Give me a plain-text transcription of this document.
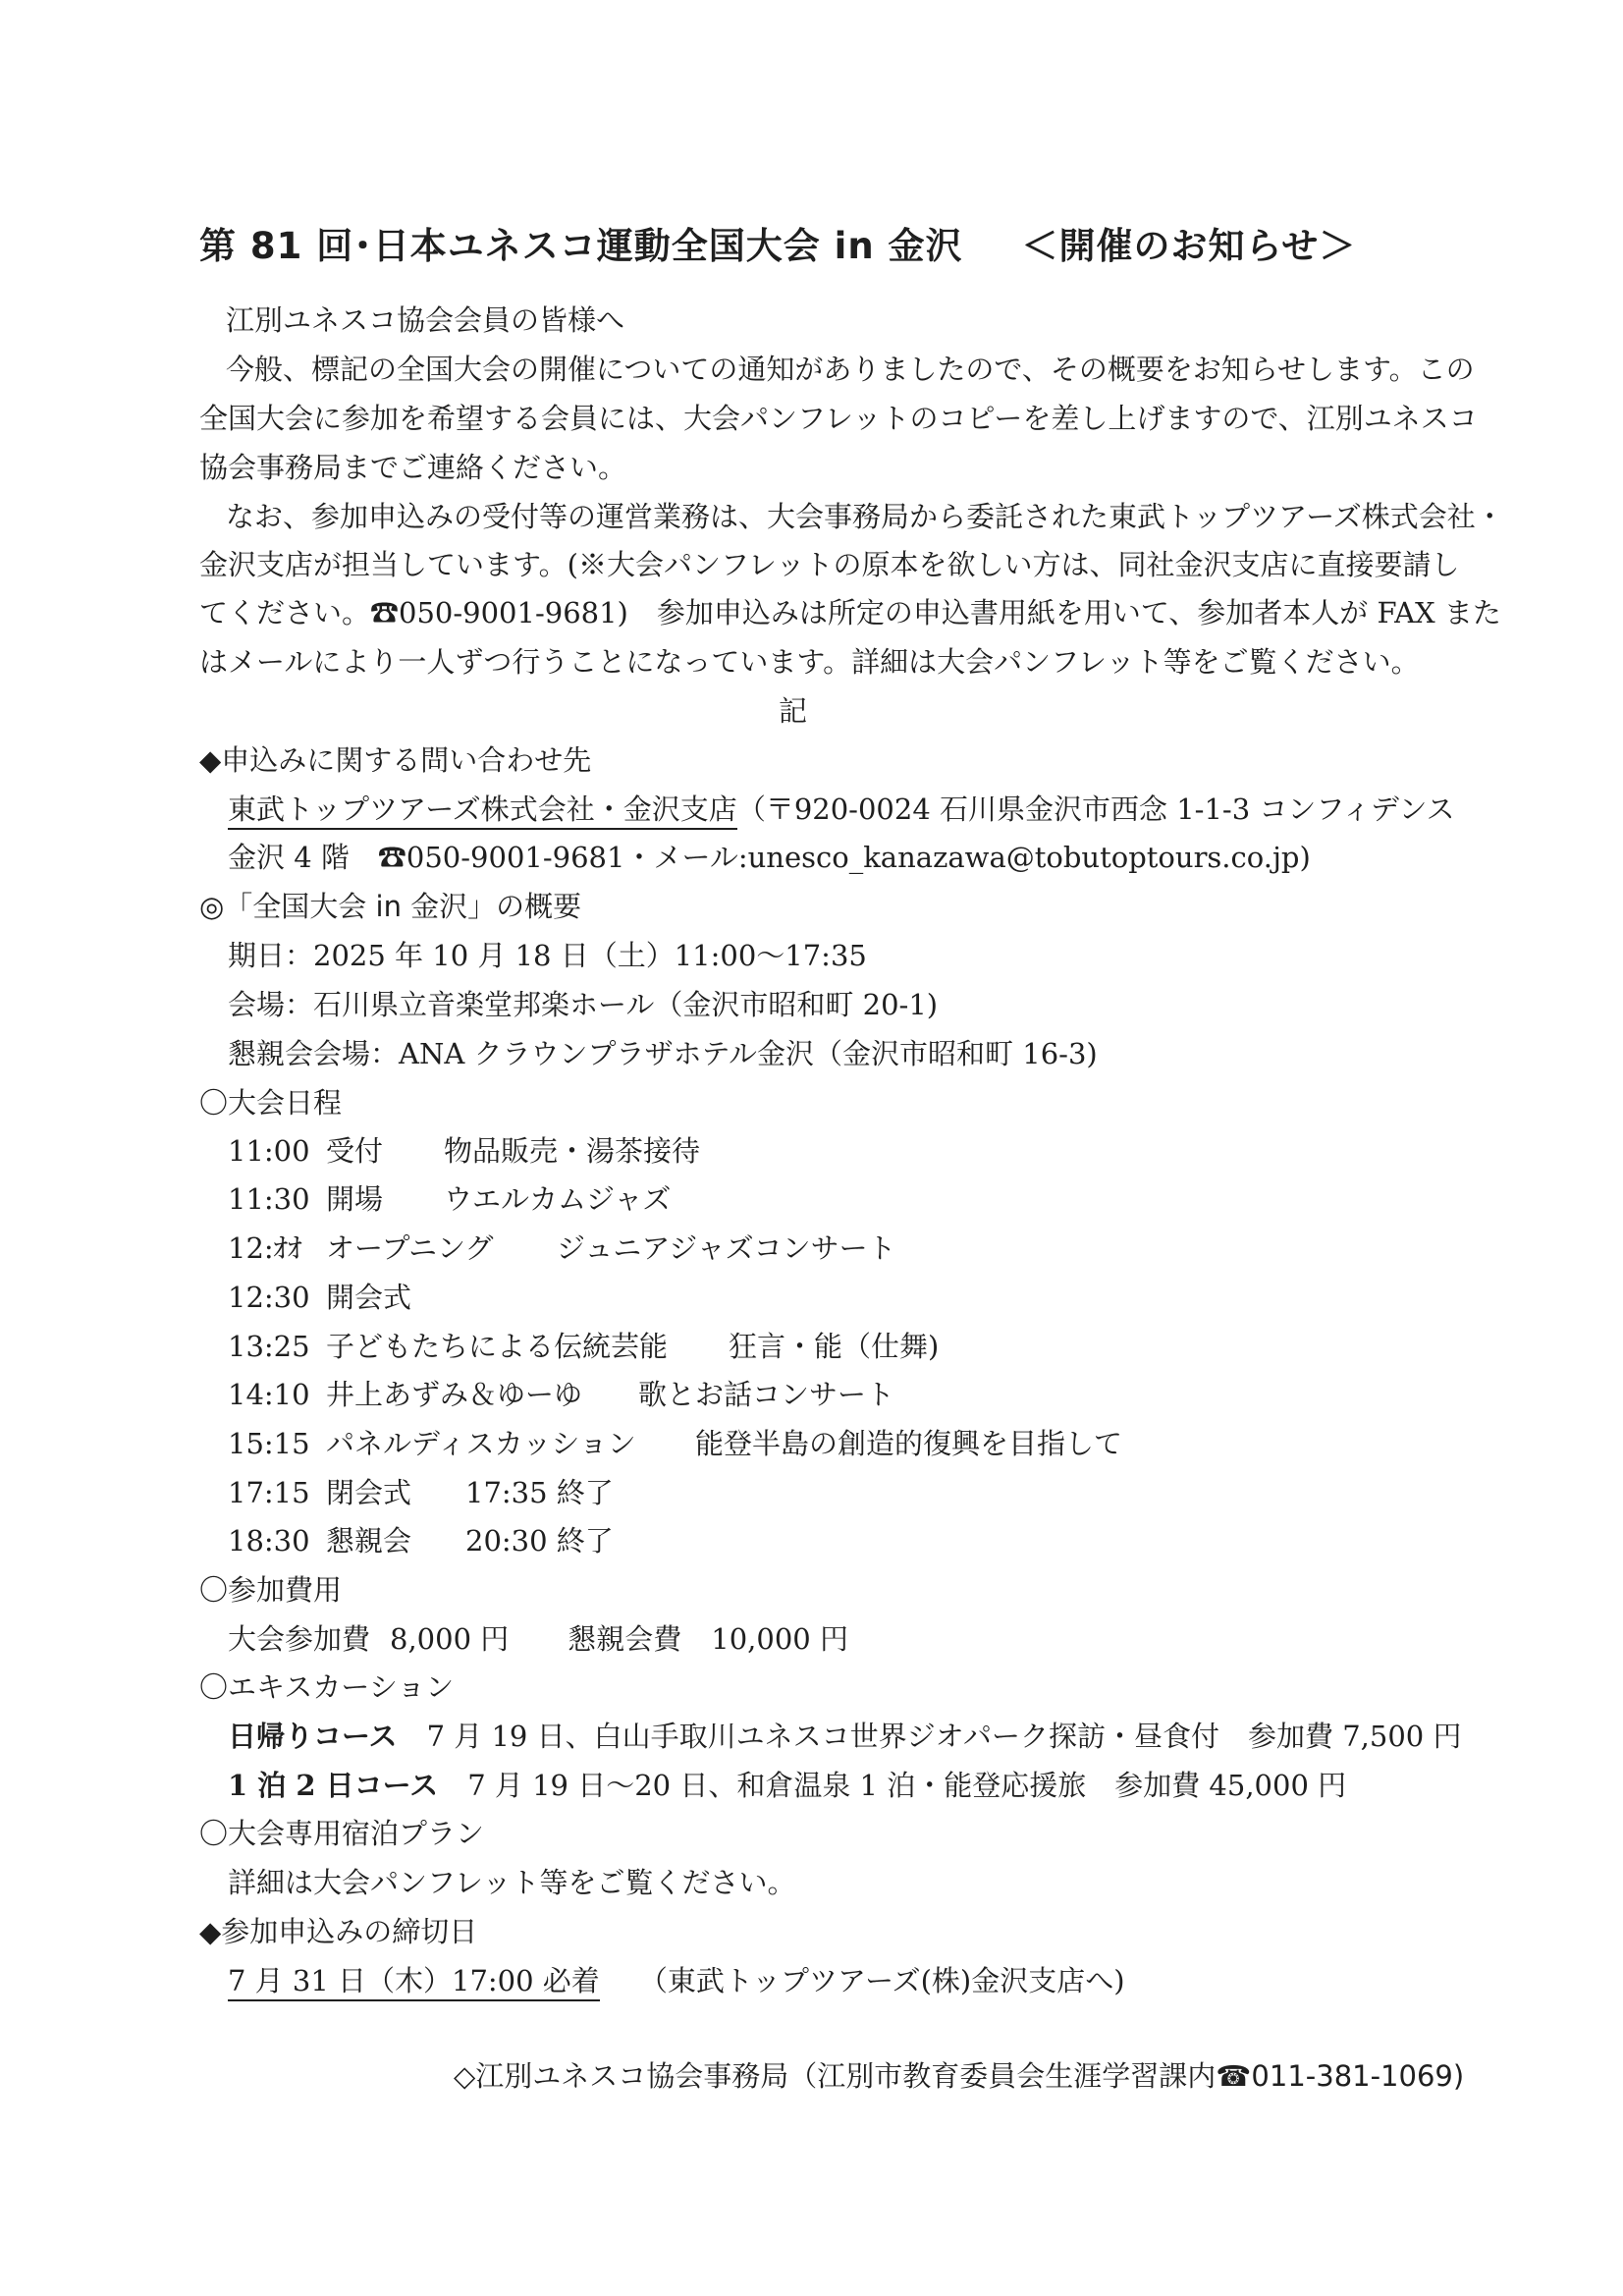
第 81 回･日本ユネスコ運動全国大会 in 金沢 ＜開催のお知らせ＞
江別ユネスコ協会会員の皆様へ
今般、標記の全国大会の開催についての通知がありましたので、その概要をお知らせします。この
全国大会に参加を希望する会員には、大会パンフレットのコピーを差し上げますので、江別ユネスコ
協会事務局までご連絡ください。
なお、参加申込みの受付等の運営業務は、大会事務局から委託された東武トップツアーズ株式会社・
金沢支店が担当しています。(※大会パンフレットの原本を欲しい方は、同社金沢支店に直接要請し
てください。☎050-9001-9681)　参加申込みは所定の申込書用紙を用いて、参加者本人が FAX また
はメールにより一人ずつ行うことになっています。詳細は大会パンフレット等をご覧ください。
記
◆申込みに関する問い合わせ先
東武トップツアーズ株式会社・金沢支店（〒920-0024 石川県金沢市西念 1-1-3 コンフィデンス
金沢 4 階　☎050-9001-9681・メール:unesco_kanazawa@tobutoptours.co.jp)
◎「全国大会 in 金沢」の概要
期日：2025 年 10 月 18 日（土）11:00～17:35
会場：石川県立音楽堂邦楽ホール（金沢市昭和町 20-1)
懇親会会場：ANA クラウンプラザホテル金沢（金沢市昭和町 16-3)
〇大会日程
11:00 受付 物品販売・湯茶接待
11:30 開場 ウエルカムジャズ
12:ｵｵ オープニング ジュニアジャズコンサート
12:30 開会式
13:25 子どもたちによる伝統芸能 狂言・能（仕舞)
14:10 井上あずみ＆ゆーゆ 歌とお話コンサート
15:15 パネルディスカッション 能登半島の創造的復興を目指して
17:15 閉会式 17:35 終了
18:30 懇親会 20:30 終了
〇参加費用
大会参加費 8,000 円 懇親会費 10,000 円
〇エキスカーション
日帰りコース 7 月 19 日、白山手取川ユネスコ世界ジオパーク探訪・昼食付　参加費 7,500 円
1 泊 2 日コース 7 月 19 日～20 日、和倉温泉 1 泊・能登応援旅　参加費 45,000 円
〇大会専用宿泊プラン
詳細は大会パンフレット等をご覧ください。
◆参加申込みの締切日
7 月 31 日（木）17:00 必着 （東武トップツアーズ(株)金沢支店へ)
◇江別ユネスコ協会事務局（江別市教育委員会生涯学習課内☎011-381-1069)
